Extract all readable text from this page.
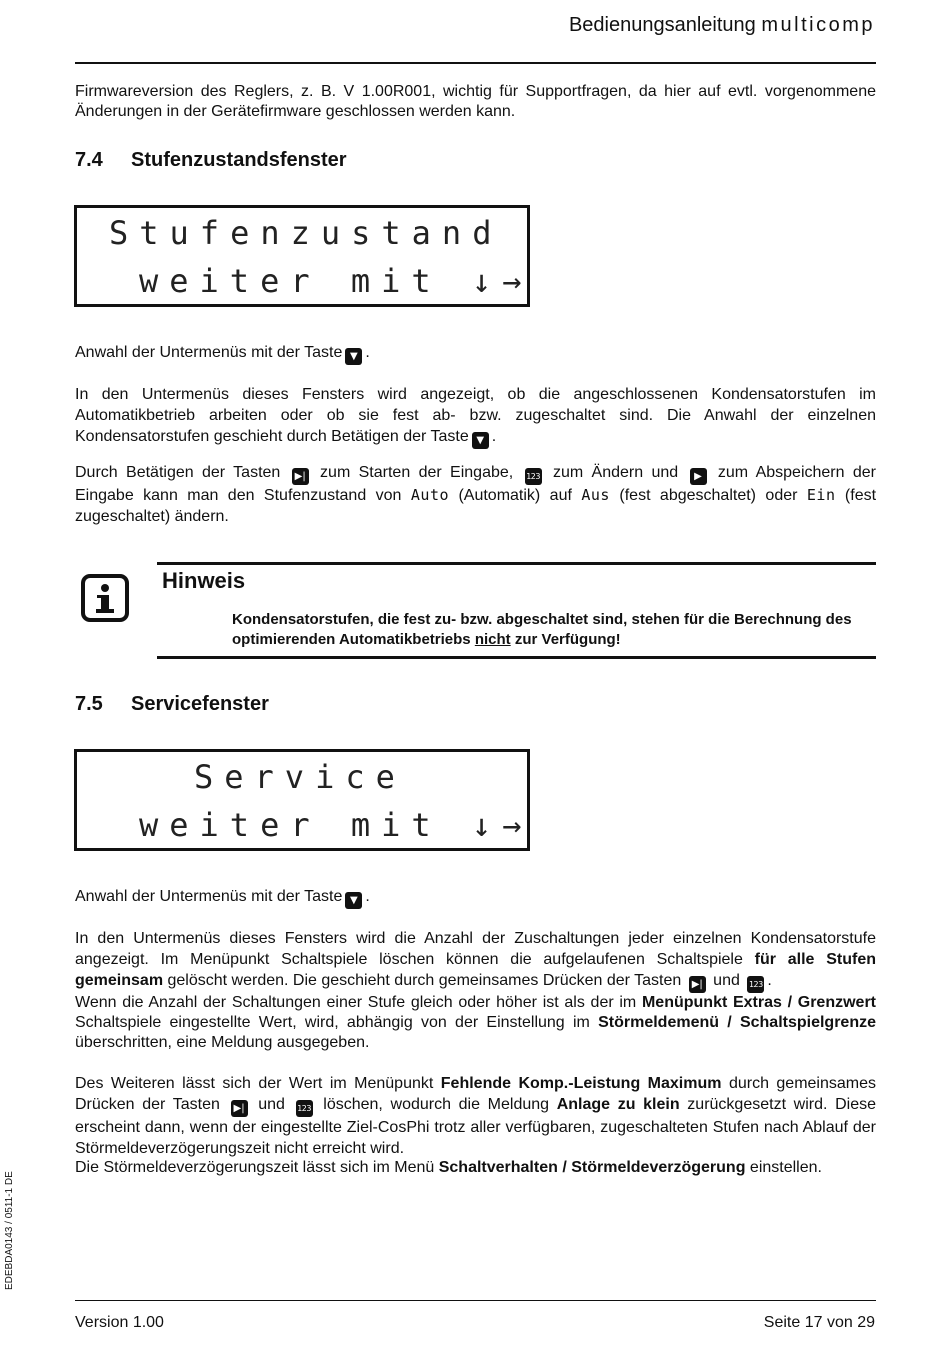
Bedienungsanleitung multicomp
Firmwareversion des Reglers, z. B. V 1.00R001, wichtig für Supportfragen, da hier auf evtl. vorgenommene Änderungen in der Gerätefirmware geschlossen werden kann.
7.4 Stufenzustandsfenster
Stufenzustand
weiter mit ↓→
Anwahl der Untermenüs mit der Taste ▼ .
In den Untermenüs dieses Fensters wird angezeigt, ob die angeschlossenen Kondensatorstufen im Automatikbetrieb arbeiten oder ob sie fest ab- bzw. zugeschaltet sind. Die Anwahl der einzelnen Kondensatorstufen geschieht durch Betätigen der Taste ▼ .
Durch Betätigen der Tasten ▶| zum Starten der Eingabe, 123 zum Ändern und ▶ zum Abspeichern der Eingabe kann man den Stufenzustand von Auto (Automatik) auf Aus (fest abgeschaltet) oder Ein (fest zugeschaltet) ändern.
Hinweis
Kondensatorstufen, die fest zu- bzw. abgeschaltet sind, stehen für die Berechnung des optimierenden Automatikbetriebs nicht zur Verfügung!
7.5 Servicefenster
Service
weiter mit ↓→
Anwahl der Untermenüs mit der Taste ▼ .
In den Untermenüs dieses Fensters wird die Anzahl der Zuschaltungen jeder einzelnen Kondensatorstufe angezeigt. Im Menüpunkt Schaltspiele löschen können die aufgelaufenen Schaltspiele für alle Stufen gemeinsam gelöscht werden. Die geschieht durch gemeinsames Drücken der Tasten ▶| und 123 .
Wenn die Anzahl der Schaltungen einer Stufe gleich oder höher ist als der im Menüpunkt Extras / Grenzwert Schaltspiele eingestellte Wert, wird, abhängig von der Einstellung im Störmeldemenü / Schaltspielgrenze überschritten, eine Meldung ausgegeben.
Des Weiteren lässt sich der Wert im Menüpunkt Fehlende Komp.-Leistung Maximum durch gemeinsames Drücken der Tasten ▶| und 123 löschen, wodurch die Meldung Anlage zu klein zurückgesetzt wird. Diese erscheint dann, wenn der eingestellte Ziel-CosPhi trotz aller verfügbaren, zugeschalteten Stufen nach Ablauf der Störmeldeverzögerungszeit nicht erreicht wird.
Die Störmeldeverzögerungszeit lässt sich im Menü Schaltverhalten / Störmeldeverzögerung einstellen.
EDEBDA0143 / 0511-1 DE
Version 1.00	Seite 17 von 29
